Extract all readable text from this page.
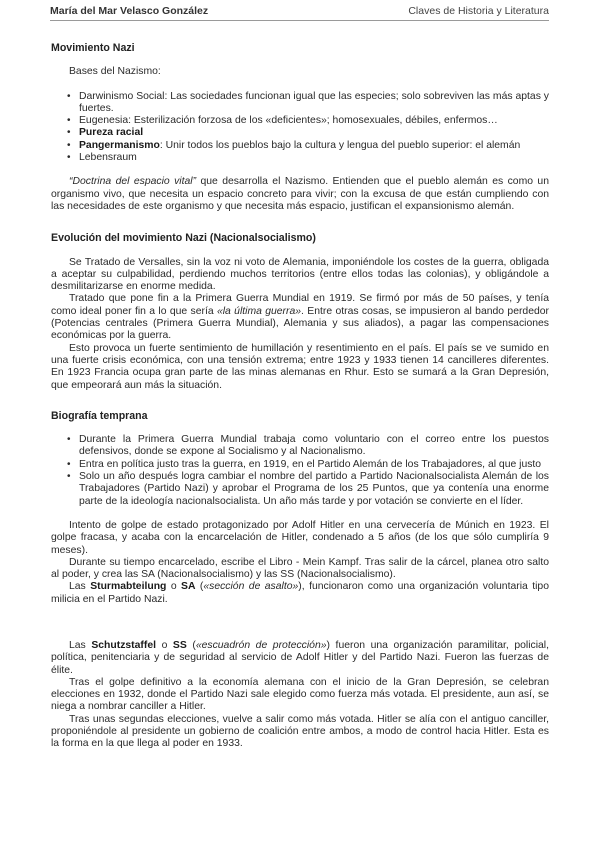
María del Mar Velasco González	Claves de Historia y Literatura
Movimiento Nazi

Bases del Nazismo:

• Darwinismo Social: Las sociedades funcionan igual que las especies; solo sobreviven las más aptas y fuertes.
• Eugenesia: Esterilización forzosa de los «deficientes»; homosexuales, débiles, enfermos…
• Pureza racial
• Pangermanismo: Unir todos los pueblos bajo la cultura y lengua del pueblo superior: el alemán
• Lebensraum

“Doctrina del espacio vital” que desarrolla el Nazismo. Entienden que el pueblo alemán es como un organismo vivo, que necesita un espacio concreto para vivir; con la excusa de que están cumpliendo con las necesidades de este organismo y que necesita más espacio, justifican el expansionismo alemán.

Evolución del movimiento Nazi (Nacionalsocialismo)

Se Tratado de Versalles, sin la voz ni voto de Alemania, imponiéndole los costes de la guerra, obligada a aceptar su culpabilidad, perdiendo muchos territorios (entre ellos todas las colonias), y obligándole a desmilitarizarse en enorme medida.

Tratado que pone fin a la Primera Guerra Mundial en 1919. Se firmó por más de 50 países, y tenía como ideal poner fin a lo que sería «la última guerra». Entre otras cosas, se impusieron al bando perdedor (Potencias centrales (Primera Guerra Mundial), Alemania y sus aliados), a pagar las compensaciones económicas por la guerra.

Esto provoca un fuerte sentimiento de humillación y resentimiento en el país. El país se ve sumido en una fuerte crisis económica, con una tensión extrema; entre 1923 y 1933 tienen 14 cancilleres diferentes. En 1923 Francia ocupa gran parte de las minas alemanas en Rhur. Esto se sumará a la Gran Depresión, que empeorará aun más la situación.

Biografía temprana
• Durante la Primera Guerra Mundial trabaja como voluntario con el correo entre los puestos defensivos, donde se expone al Socialismo y al Nacionalismo.
• Entra en política justo tras la guerra, en 1919, en el Partido Alemán de los Trabajadores, al que justo
• Solo un año después logra cambiar el nombre del partido a Partido Nacionalsocialista Alemán de los Trabajadores (Partido Nazi) y aprobar el Programa de los 25 Puntos, que ya contenía una enorme parte de la ideología nacionalsocialista. Un año más tarde y por votación se convierte en el líder.

Intento de golpe de estado protagonizado por Adolf Hitler en una cervecería de Múnich en 1923. El golpe fracasa, y acaba con la encarcelación de Hitler, condenado a 5 años (de los que sólo cumpliría 9 meses).

Durante su tiempo encarcelado, escribe el Libro - Mein Kampf. Tras salir de la cárcel, planea otro salto al poder, y crea las SA (Nacionalsocialismo) y las SS (Nacionalsocialismo).

Las Sturmabteilung o SA («sección de asalto»), funcionaron como una organización voluntaria tipo milicia en el Partido Nazi.

Las Schutzstaffel o SS («escuadrón de protección») fueron una organización paramilitar, policial, política, penitenciaria y de seguridad al servicio de Adolf Hitler y del Partido Nazi. Fueron las fuerzas de élite.

Tras el golpe definitivo a la economía alemana con el inicio de la Gran Depresión, se celebran elecciones en 1932, donde el Partido Nazi sale elegido como fuerza más votada. El presidente, aun así, se niega a nombrar canciller a Hitler.

Tras unas segundas elecciones, vuelve a salir como más votada. Hitler se alía con el antiguo canciller, proponiéndole al presidente un gobierno de coalición entre ambos, a modo de control hacia Hitler. Esta es la forma en la que llega al poder en 1933.
